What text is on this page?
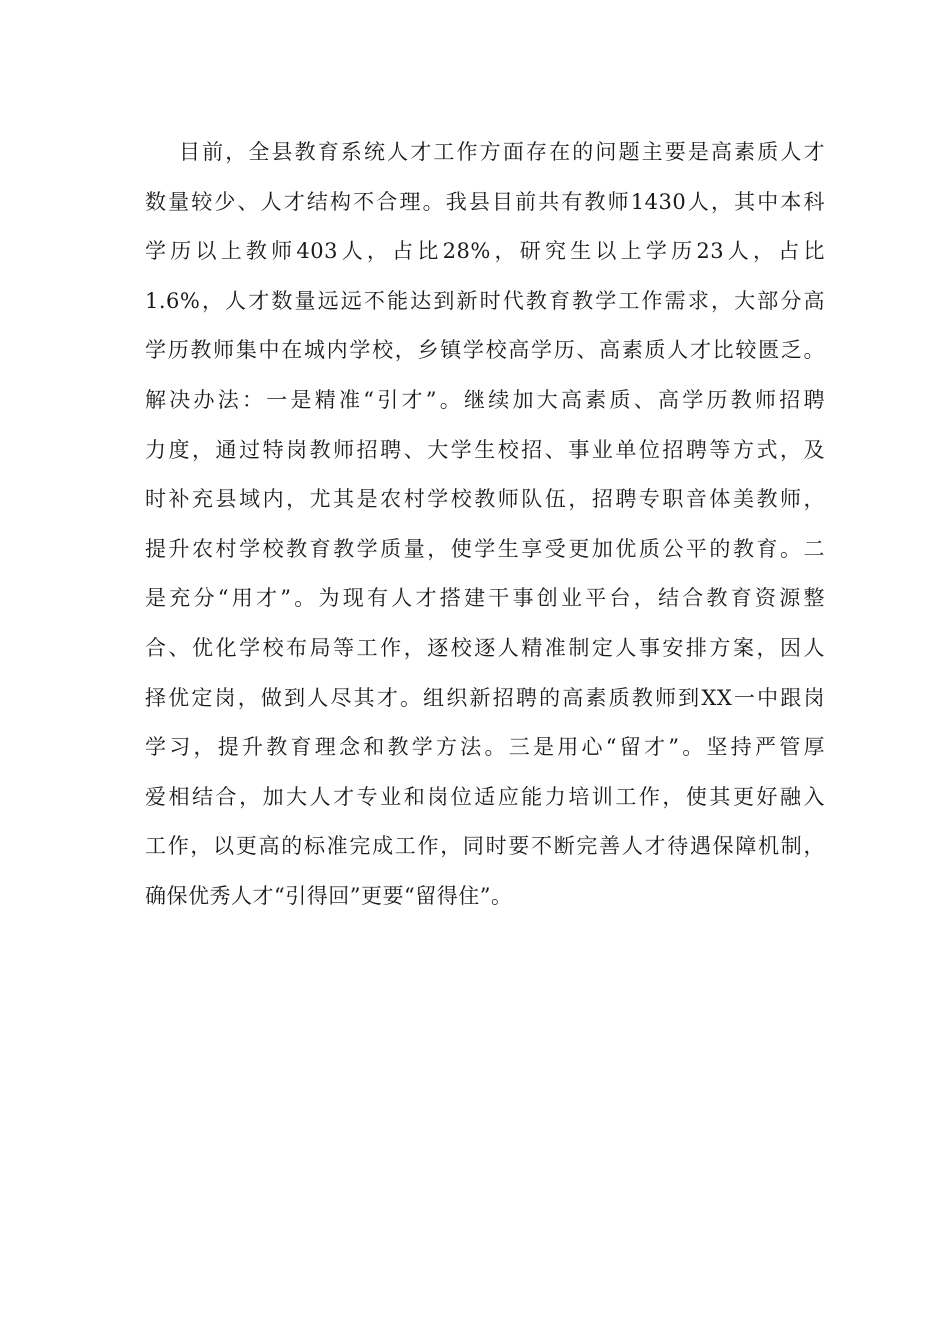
目前，全县教育系统人才工作方面存在的问题主要是高素质人才
数量较少、人才结构不合理。我县目前共有教师1430人，其中本科
学历以上教师403人，占比28%，研究生以上学历23人，占比
1.6%，人才数量远远不能达到新时代教育教学工作需求，大部分高
学历教师集中在城内学校，乡镇学校高学历、高素质人才比较匮乏。
解决办法：一是精准“引才”。继续加大高素质、高学历教师招聘
力度，通过特岗教师招聘、大学生校招、事业单位招聘等方式，及
时补充县域内，尤其是农村学校教师队伍，招聘专职音体美教师，
提升农村学校教育教学质量，使学生享受更加优质公平的教育。二
是充分“用才”。为现有人才搭建干事创业平台，结合教育资源整
合、优化学校布局等工作，逐校逐人精准制定人事安排方案，因人
择优定岗，做到人尽其才。组织新招聘的高素质教师到XX一中跟岗
学习，提升教育理念和教学方法。三是用心“留才”。坚持严管厚
爱相结合，加大人才专业和岗位适应能力培训工作，使其更好融入
工作，以更高的标准完成工作，同时要不断完善人才待遇保障机制，
确保优秀人才“引得回”更要“留得住”。
